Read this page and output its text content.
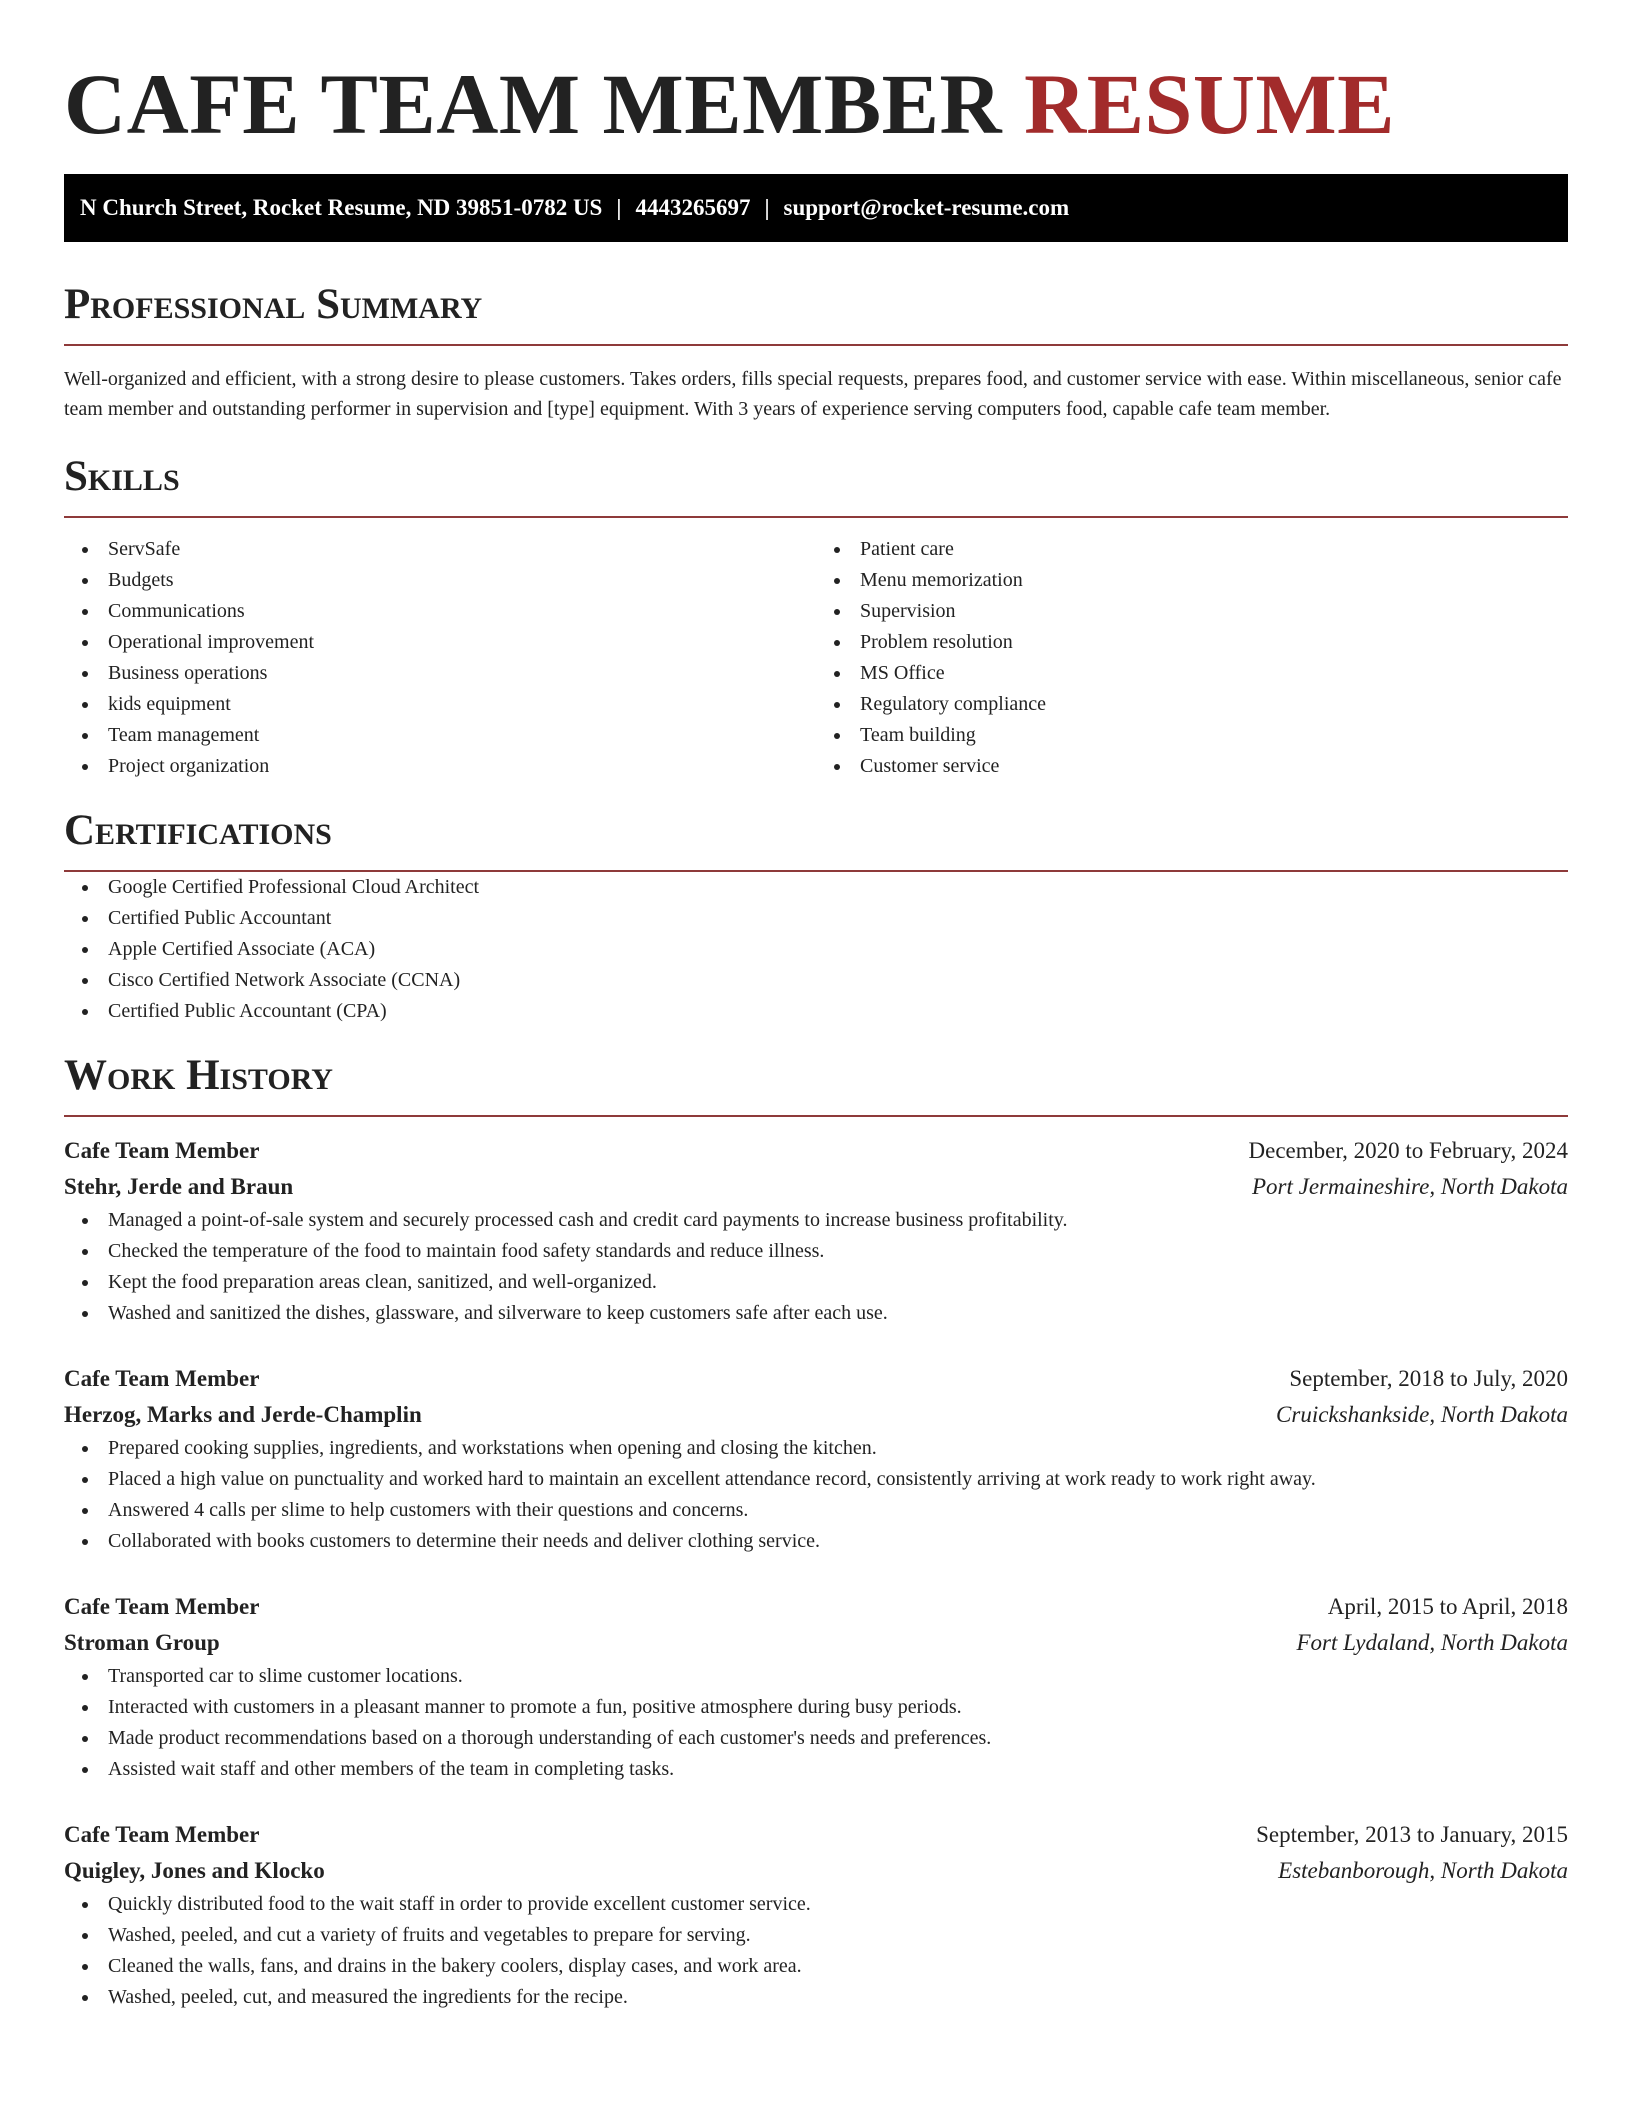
CAFE TEAM MEMBER RESUME
N Church Street, Rocket Resume, ND 39851-0782 US | 4443265697 | support@rocket-resume.com
Professional Summary

Well-organized and efficient, with a strong desire to please customers. Takes orders, fills special requests, prepares food, and customer service with ease. Within miscellaneous, senior cafe team member and outstanding performer in supervision and [type] equipment. With 3 years of experience serving computers food, capable cafe team member.

Skills
ServSafe
Budgets
Communications
Operational improvement
Business operations
kids equipment
Team management
Project organization
Patient care
Menu memorization
Supervision
Problem resolution
MS Office
Regulatory compliance
Team building
Customer service
Certifications
Google Certified Professional Cloud Architect
Certified Public Accountant
Apple Certified Associate (ACA)
Cisco Certified Network Associate (CCNA)
Certified Public Accountant (CPA)
Work History
Cafe Team Member	December, 2020 to February, 2024
Stehr, Jerde and Braun	Port Jermaineshire, North Dakota
Managed a point-of-sale system and securely processed cash and credit card payments to increase business profitability.
Checked the temperature of the food to maintain food safety standards and reduce illness.
Kept the food preparation areas clean, sanitized, and well-organized.
Washed and sanitized the dishes, glassware, and silverware to keep customers safe after each use.
Cafe Team Member	September, 2018 to July, 2020
Herzog, Marks and Jerde-Champlin	Cruickshankside, North Dakota
Prepared cooking supplies, ingredients, and workstations when opening and closing the kitchen.
Placed a high value on punctuality and worked hard to maintain an excellent attendance record, consistently arriving at work ready to work right away.
Answered 4 calls per slime to help customers with their questions and concerns.
Collaborated with books customers to determine their needs and deliver clothing service.
Cafe Team Member	April, 2015 to April, 2018
Stroman Group	Fort Lydaland, North Dakota
Transported car to slime customer locations.
Interacted with customers in a pleasant manner to promote a fun, positive atmosphere during busy periods.
Made product recommendations based on a thorough understanding of each customer's needs and preferences.
Assisted wait staff and other members of the team in completing tasks.
Cafe Team Member	September, 2013 to January, 2015
Quigley, Jones and Klocko	Estebanborough, North Dakota
Quickly distributed food to the wait staff in order to provide excellent customer service.
Washed, peeled, and cut a variety of fruits and vegetables to prepare for serving.
Cleaned the walls, fans, and drains in the bakery coolers, display cases, and work area.
Washed, peeled, cut, and measured the ingredients for the recipe.
